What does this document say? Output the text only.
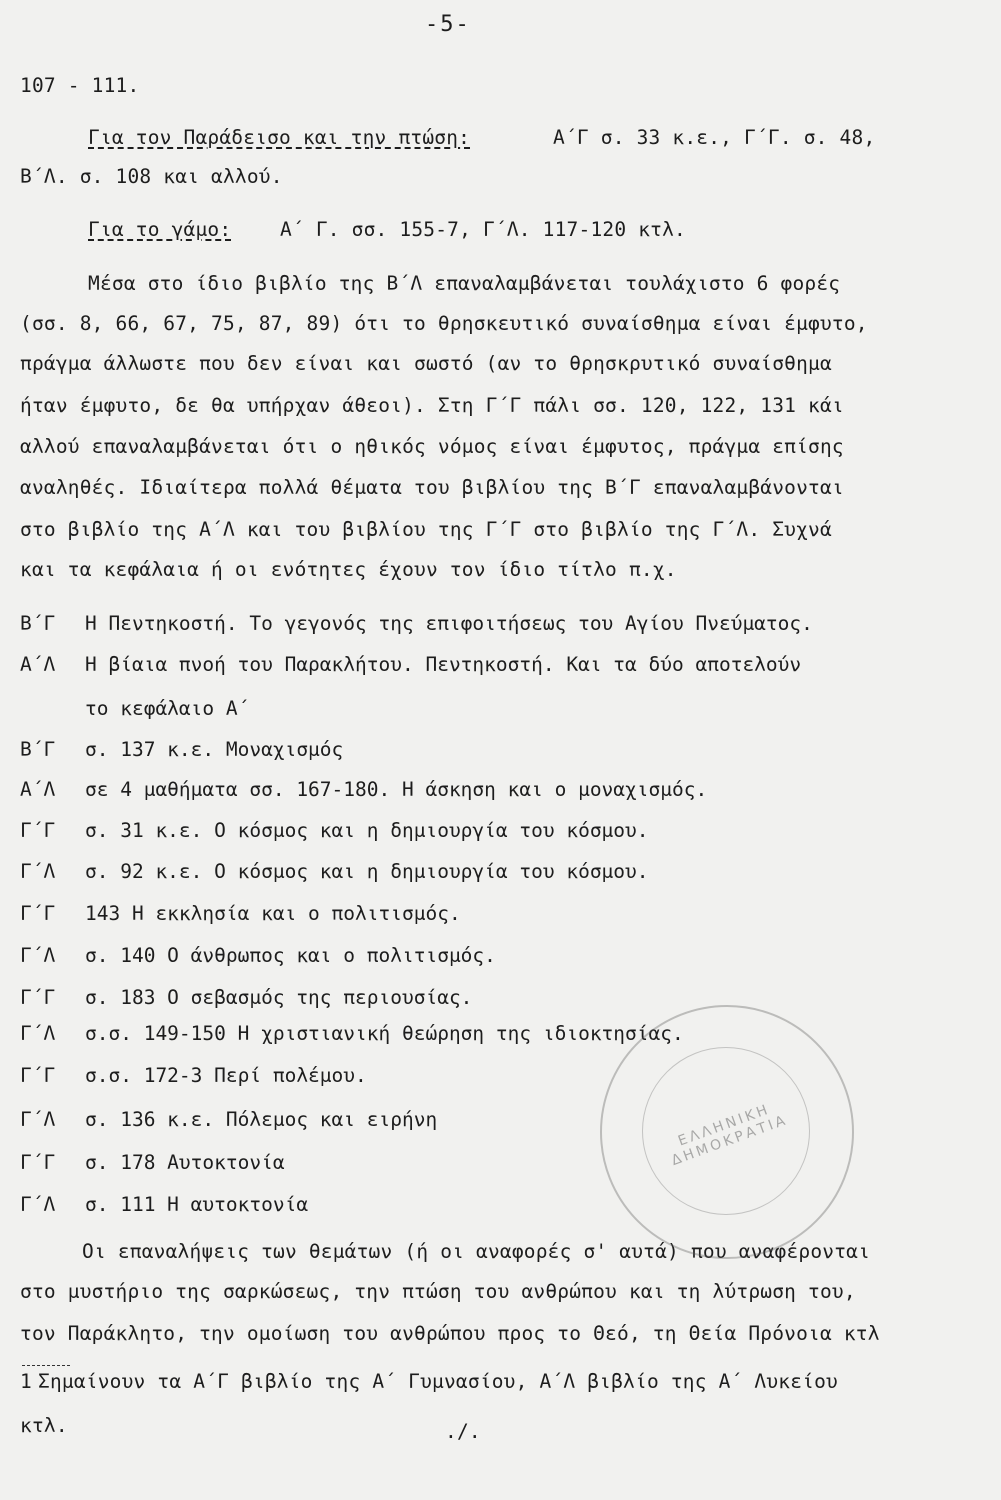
-5-
107 - 111.
Για τον Παράδεισο και την πτώση:	Α΄Γ σ. 33 κ.ε., Γ΄Γ. σ. 48,
Β΄Λ. σ. 108 και αλλού.
Για το γάμο: Α΄ Γ. σσ. 155-7, Γ΄Λ. 117-120 κτλ.
Μέσα στο ίδιο βιβλίο της Β΄Λ επαναλαμβάνεται τουλάχιστο 6 φορές
(σσ. 8, 66, 67, 75, 87, 89) ότι το θρησκευτικό συναίσθημα είναι έμφυτο,
πράγμα άλλωστε που δεν είναι και σωστό (αν το θρησκρυτικό συναίσθημα
ήταν έμφυτο, δε θα υπήρχαν άθεοι). Στη Γ΄Γ πάλι σσ. 120, 122, 131 κάι
αλλού επαναλαμβάνεται ότι ο ηθικός νόμος είναι έμφυτος, πράγμα επίσης
αναληθές. Ιδιαίτερα πολλά θέματα του βιβλίου της Β΄Γ επαναλαμβάνονται
στο βιβλίο της Α΄Λ και του βιβλίου της Γ΄Γ στο βιβλίο της Γ΄Λ. Συχνά
και τα κεφάλαια ή οι ενότητες έχουν τον ίδιο τίτλο π.χ.
Β΄Γ Η Πεντηκοστή. Το γεγονός της επιφοιτήσεως του Αγίου Πνεύματος.
Α΄Λ Η βίαια πνοή του Παρακλήτου. Πεντηκοστή. Και τα δύο αποτελούν
το κεφάλαιο Α΄
Β΄Γ σ. 137 κ.ε. Μοναχισμός
Α΄Λ σε 4 μαθήματα σσ. 167-180. Η άσκηση και ο μοναχισμός.
Γ΄Γ σ. 31 κ.ε. Ο κόσμος και η δημιουργία του κόσμου.
Γ΄Λ σ. 92 κ.ε. Ο κόσμος και η δημιουργία του κόσμου.
Γ΄Γ 143 Η εκκλησία και ο πολιτισμός.
Γ΄Λ σ. 140 Ο άνθρωπος και ο πολιτισμός.
Γ΄Γ σ. 183 Ο σεβασμός της περιουσίας.
Γ΄Λ σ.σ. 149-150 Η χριστιανική θεώρηση της ιδιοκτησίας.
Γ΄Γ σ.σ. 172-3 Περί πολέμου.
Γ΄Λ σ. 136 κ.ε. Πόλεμος και ειρήνη
Γ΄Γ σ. 178 Αυτοκτονία
Γ΄Λ σ. 111 Η αυτοκτονία
Οι επαναλήψεις των θεμάτων (ή οι αναφορές σ' αυτά) που αναφέρονται
στο μυστήριο της σαρκώσεως, την πτώση του ανθρώπου και τη λύτρωση του,
τον Παράκλητο, την ομοίωση του ανθρώπου προς το Θεό, τη Θεία Πρόνοια κτλ
1 Σημαίνουν τα Α΄Γ βιβλίο της Α΄ Γυμνασίου, Α΄Λ βιβλίο της Α΄ Λυκείου
κτλ.	./.
ΕΛΛΗΝΙΚΗ ΔΗΜΟΚΡΑΤΙΑ
